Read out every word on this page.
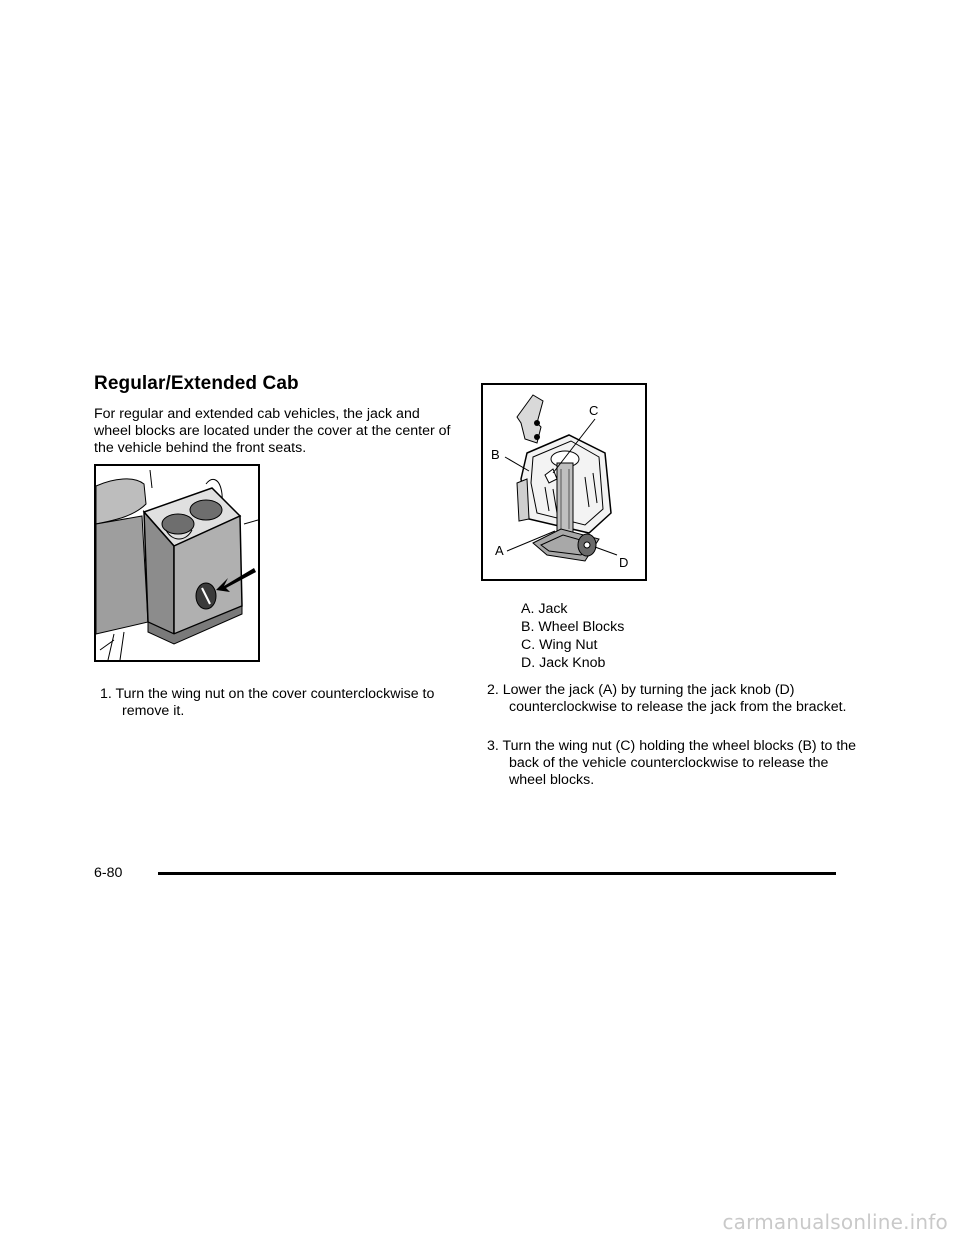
Regular/Extended Cab

For regular and extended cab vehicles, the jack and wheel blocks are located under the cover at the center of the vehicle behind the front seats.

1. Turn the wing nut on the cover counterclockwise to remove it.

C
B
A
D
A. Jack
B. Wheel Blocks
C. Wing Nut
D. Jack Knob

2. Lower the jack (A) by turning the jack knob (D) counterclockwise to release the jack from the bracket.

3. Turn the wing nut (C) holding the wheel blocks (B) to the back of the vehicle counterclockwise to release the wheel blocks.

6-80
carmanualsonline.info
